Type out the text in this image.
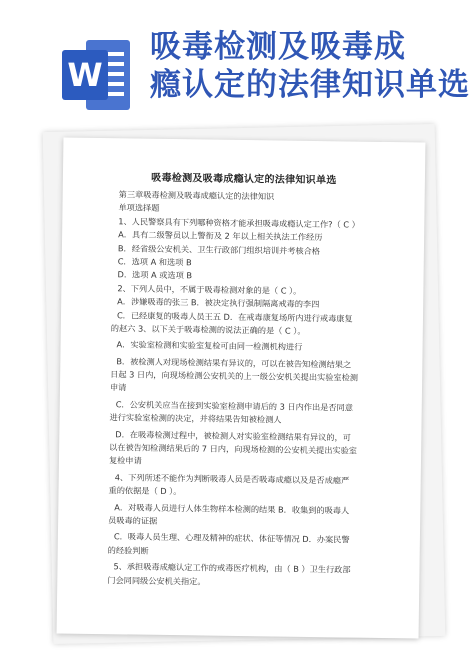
W
吸毒检测及吸毒成
瘾认定的法律知识单选
吸毒检测及吸毒成瘾认定的法律知识单选
第三章吸毒检测及吸毒成瘾认定的法律知识
单项选择题
1、人民警察具有下列哪种资格才能承担吸毒成瘾认定工作?（ C ）
A．具有二级警员以上警衔及 2 年以上相关执法工作经历
B．经省级公安机关、卫生行政部门组织培训并考核合格
C．选项 A 和选项 B
D．选项 A 或选项 B
2、下列人员中，不属于吸毒检测对象的是（ C ）。
A．涉嫌吸毒的张三 B．被决定执行强制隔离戒毒的李四
C．已经康复的吸毒人员王五 D．在戒毒康复场所内进行戒毒康复
的赵六 3、以下关于吸毒检测的说法正确的是（ C ）。
A．实验室检测和实验室复检可由同一检测机构进行
B．被检测人对现场检测结果有异议的，可以在被告知检测结果之
日起 3 日内，向现场检测公安机关的上一级公安机关提出实验室检测
申请
C．公安机关应当在接到实验室检测申请后的 3 日内作出是否同意
进行实验室检测的决定，并将结果告知被检测人
D．在吸毒检测过程中，被检测人对实验室检测结果有异议的，可
以在被告知检测结果后的 7 日内，向现场检测的公安机关提出实验室
复检申请
4、下列所述不能作为判断吸毒人员是否吸毒成瘾以及是否成瘾严
重的依据是（ D ）。
A．对吸毒人员进行人体生物样本检测的结果 B．收集到的吸毒人
员吸毒的证据
C．吸毒人员生理、心理及精神的症状、体征等情况 D．办案民警
的经验判断
5、承担吸毒成瘾认定工作的戒毒医疗机构，由（ B ）卫生行政部
门会同同级公安机关指定。
